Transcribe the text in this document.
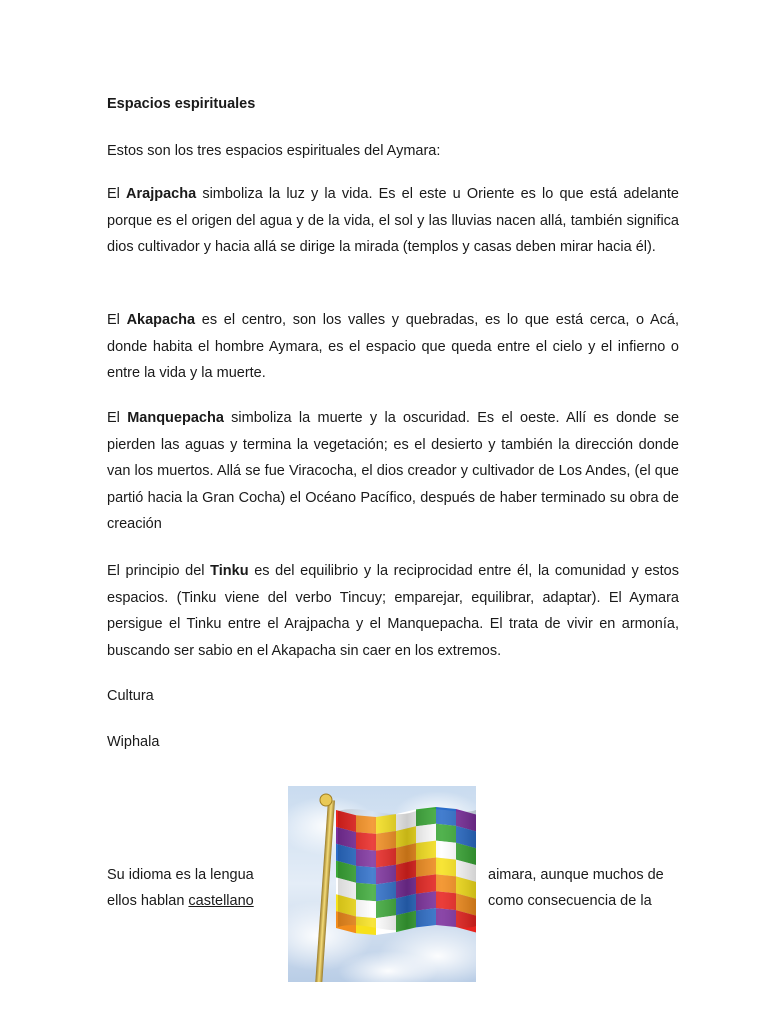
Espacios espirituales
Estos son los tres espacios espirituales del Aymara:
El Arajpacha simboliza la luz y la vida. Es el este u Oriente es lo que está adelante porque es el origen del agua y de la vida, el sol y las lluvias nacen allá, también significa dios cultivador y hacia allá se dirige la mirada (templos y casas deben mirar hacia él).
El Akapacha es el centro, son los valles y quebradas, es lo que está cerca, o Acá, donde habita el hombre Aymara, es el espacio que queda entre el cielo y el infierno o entre la vida y la muerte.
El Manquepacha simboliza la muerte y la oscuridad. Es el oeste. Allí es donde se pierden las aguas y termina la vegetación; es el desierto y también la dirección donde van los muertos. Allá se fue Viracocha, el dios creador y cultivador de Los Andes, (el que partió hacia la Gran Cocha) el Océano Pacífico, después de haber terminado su obra de creación
El principio del Tinku es del equilibrio y la reciprocidad entre él, la comunidad y estos espacios. (Tinku viene del verbo Tincuy; emparejar, equilibrar, adaptar). El Aymara persigue el Tinku entre el Arajpacha y el Manquepacha. El trata de vivir en armonía, buscando ser sabio en el Akapacha sin caer en los extremos.
Cultura
Wiphala
Su idioma es la lengua
ellos hablan castellano
aimara, aunque muchos de
como consecuencia de la
